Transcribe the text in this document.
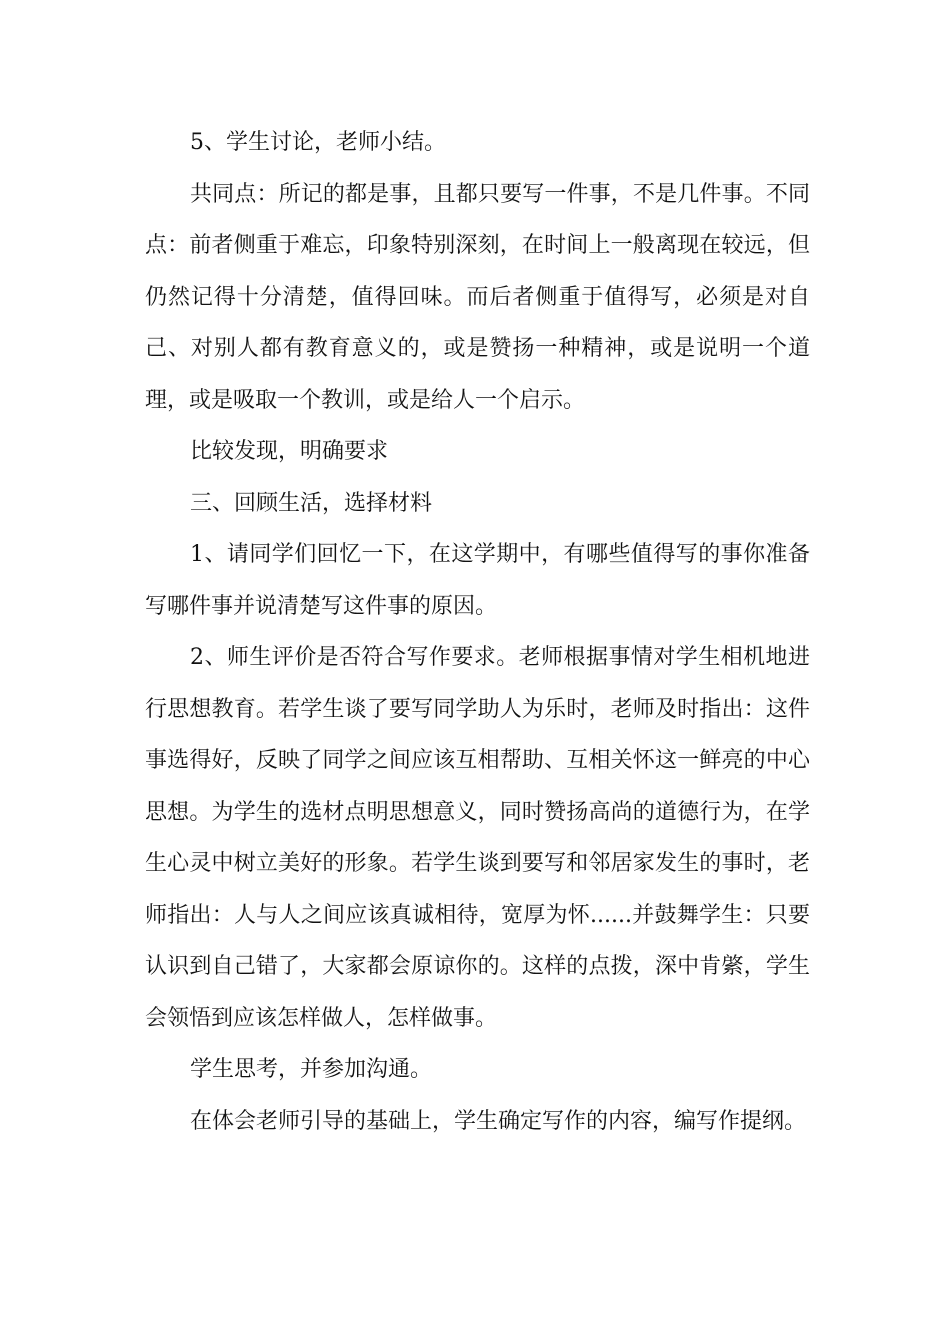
5、学生讨论，老师小结。

共同点：所记的都是事，且都只要写一件事，不是几件事。不同点：前者侧重于难忘，印象特别深刻，在时间上一般离现在较远，但仍然记得十分清楚，值得回味。而后者侧重于值得写，必须是对自己、对别人都有教育意义的，或是赞扬一种精神，或是说明一个道理，或是吸取一个教训，或是给人一个启示。

比较发现，明确要求

三、回顾生活，选择材料

1、请同学们回忆一下，在这学期中，有哪些值得写的事你准备写哪件事并说清楚写这件事的原因。

2、师生评价是否符合写作要求。老师根据事情对学生相机地进行思想教育。若学生谈了要写同学助人为乐时，老师及时指出：这件事选得好，反映了同学之间应该互相帮助、互相关怀这一鲜亮的中心思想。为学生的选材点明思想意义，同时赞扬高尚的道德行为，在学生心灵中树立美好的形象。若学生谈到要写和邻居家发生的事时，老师指出：人与人之间应该真诚相待，宽厚为怀......并鼓舞学生：只要认识到自己错了，大家都会原谅你的。这样的点拨，深中肯綮，学生会领悟到应该怎样做人，怎样做事。

学生思考，并参加沟通。

在体会老师引导的基础上，学生确定写作的内容，编写作提纲。
